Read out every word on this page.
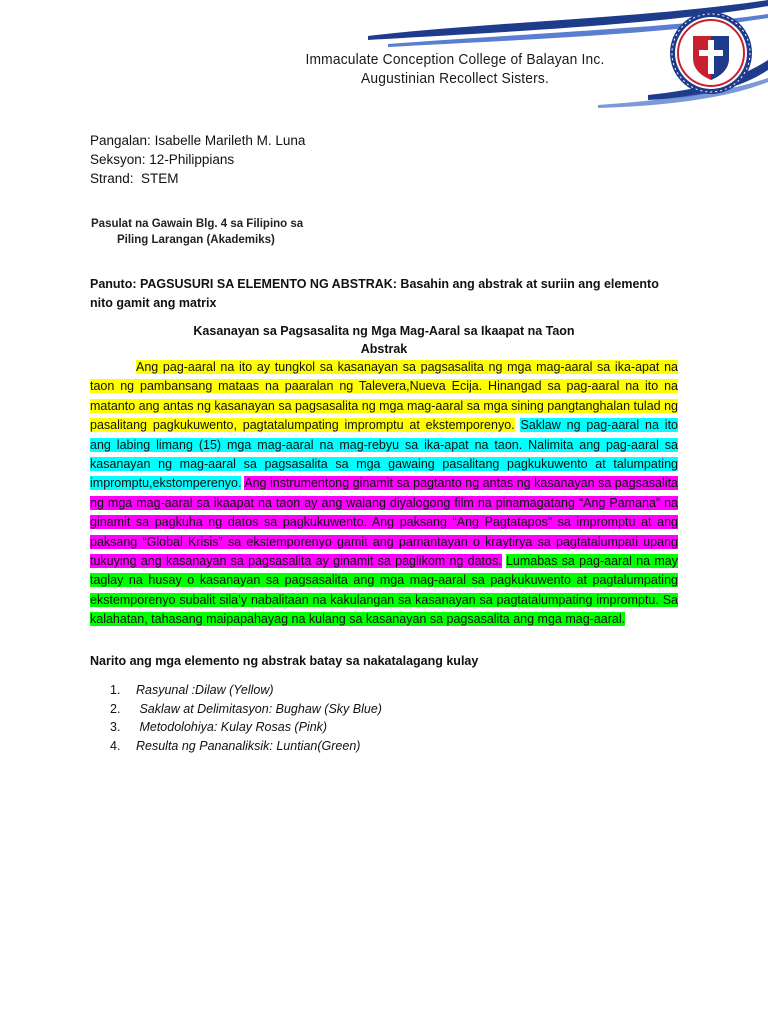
Immaculate Conception College of Balayan Inc.
Augustinian Recollect Sisters.
Pangalan: Isabelle Marileth M. Luna
Seksyon: 12-Philippians
Strand: STEM
Pasulat na Gawain Blg. 4 sa Filipino sa
Piling Larangan (Akademiks)
Panuto: PAGSUSURI SA ELEMENTO NG ABSTRAK: Basahin ang abstrak at suriin ang elemento nito gamit ang matrix
Kasanayan sa Pagsasalita ng Mga Mag-Aaral sa Ikaapat na Taon
Abstrak

Ang pag-aaral na ito ay tungkol sa kasanayan sa pagsasalita ng mga mag-aaral sa ika-apat na taon ng pambansang mataas na paaralan ng Talevera,Nueva Ecija. Hinangad sa pag-aaral na ito na matanto ang antas ng kasanayan sa pagsasalita ng mga mag-aaral sa mga sining pangtanghalan tulad ng pasalitang pagkukuwento, pagtatalumpating impromptu at ekstemporenyo. Saklaw ng pag-aaral na ito ang labing limang (15) mga mag-aaral na mag-rebyu sa ika-apat na taon. Nalimita ang pag-aaral sa kasanayan ng mag-aaral sa pagsasalita sa mga gawaing pasalitang pagkukuwento at talumpating impromptu,ekstomperenyo. Ang instrumentong ginamit sa pagtanto ng antas ng kasanayan sa pagsasalita ng mga mag-aaral sa ikaapat na taon ay ang walang diyalogong film na pinamagatang “Ang Pamana” na ginamit sa pagkuha ng datos sa pagkukuwento. Ang paksang “Ang Pagtatapos” sa impromptu at ang paksang “Global Krisis” sa ekstemporenyo gamit ang pamantayan o kraytirya sa pagtatalumpati upang tukuying ang kasanayan sa pagsasalita ay ginamit sa paglikom ng datos. Lumabas sa pag-aaral na may taglay na husay o kasanayan sa pagsasalita ang mga mag-aaral sa pagkukuwento at pagtalumpating ekstemporenyo subalit sila’y nabalitaan na kakulangan sa kasanayan sa pagtatalumpating impromptu. Sa kalahatan, tahasang maipapahayag na kulang sa kasanayan sa pagsasalita ang mga mag-aaral.

Narito ang mga elemento ng abstrak batay sa nakatalagang kulay
1. Rasyunal :Dilaw (Yellow)
2. Saklaw at Delimitasyon: Bughaw (Sky Blue)
3. Metodolohiya: Kulay Rosas (Pink)
4. Resulta ng Pananaliksik: Luntian(Green)
